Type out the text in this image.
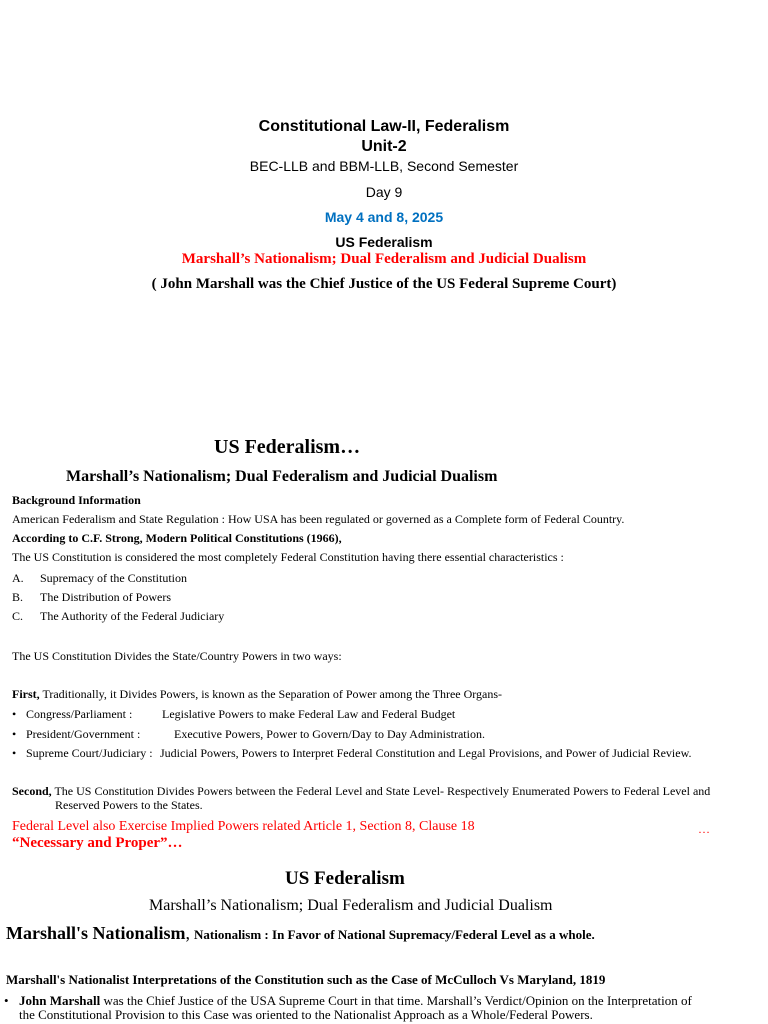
Constitutional Law-II, Federalism
Unit-2
BEC-LLB and BBM-LLB, Second Semester
Day 9
May 4 and 8, 2025
US Federalism
Marshall’s Nationalism; Dual Federalism and Judicial Dualism
( John Marshall was the Chief Justice of the US Federal Supreme Court)
US Federalism…
Marshall’s Nationalism; Dual Federalism and Judicial Dualism
Background Information
American Federalism and State Regulation : How USA has been regulated or governed as a Complete form of Federal Country.
According to C.F. Strong, Modern Political Constitutions (1966),
The US Constitution is considered the most completely Federal Constitution having there essential characteristics :
A. Supremacy of the Constitution
B. The Distribution of Powers
C. The Authority of the Federal Judiciary
The US Constitution Divides the State/Country Powers in two ways:
First, Traditionally, it Divides Powers, is known as the Separation of Power among the Three Organs-
• Congress/Parliament : Legislative Powers to make Federal Law and Federal Budget
• President/Government :	Executive Powers, Power to Govern/Day to Day Administration.
• Supreme Court/Judiciary : Judicial Powers, Powers to Interpret Federal Constitution and Legal Provisions, and Power of Judicial Review.
Second, The US Constitution Divides Powers between the Federal Level and State Level- Respectively Enumerated Powers to Federal Level and
Reserved Powers to the States.
Federal Level also Exercise Implied Powers related Article 1, Section 8, Clause 18	…
“Necessary and Proper”…
US Federalism
Marshall’s Nationalism; Dual Federalism and Judicial Dualism
Marshall's Nationalism, Nationalism : In Favor of National Supremacy/Federal Level as a whole.
Marshall's Nationalist Interpretations of the Constitution such as the Case of McCulloch Vs Maryland, 1819
• John Marshall was the Chief Justice of the USA Supreme Court in that time. Marshall’s Verdict/Opinion on the Interpretation of
the Constitutional Provision to this Case was oriented to the Nationalist Approach as a Whole/Federal Powers.
